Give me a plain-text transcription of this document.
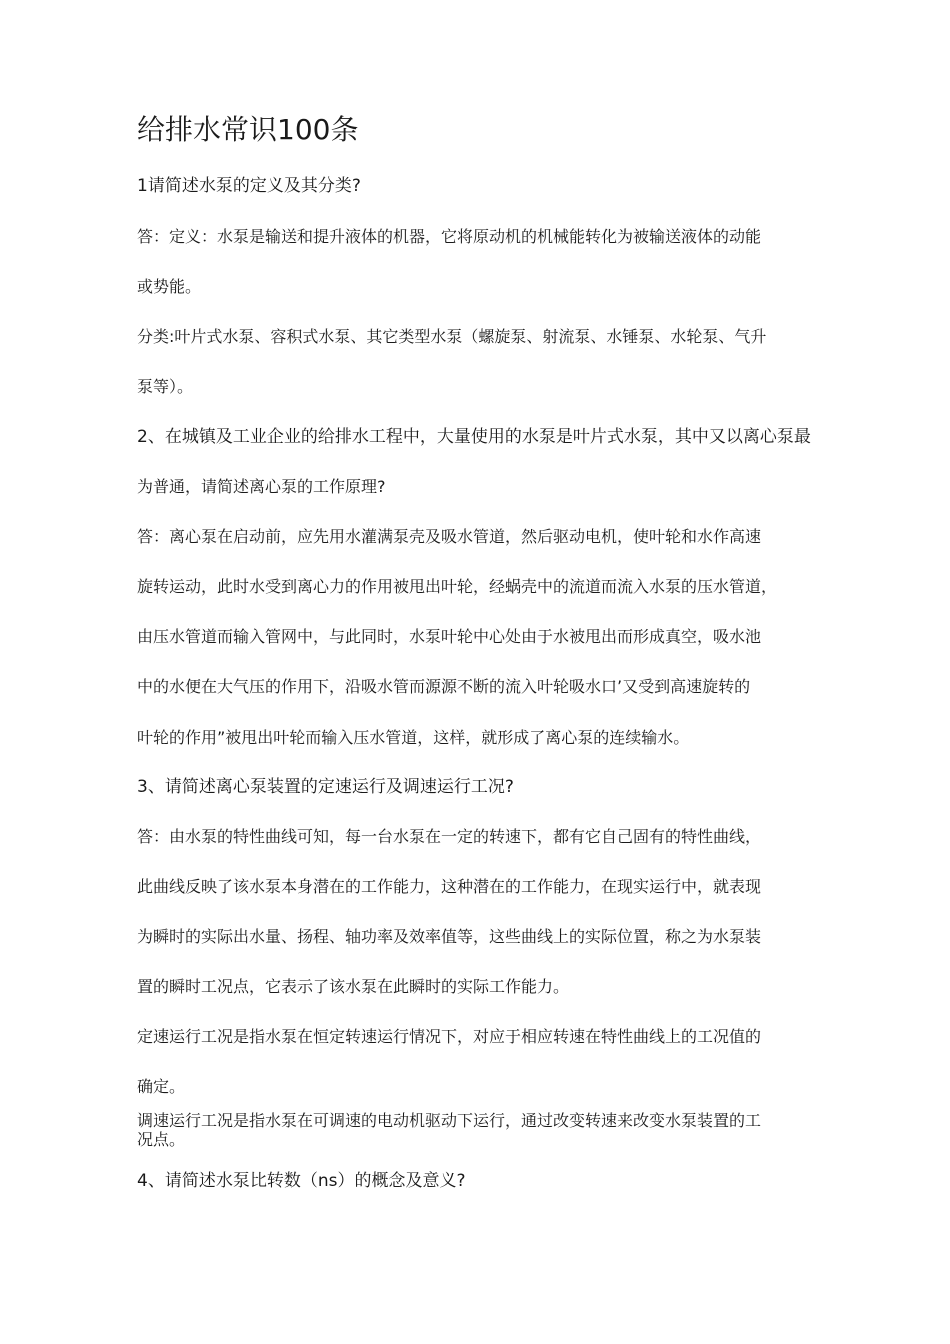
给排水常识100条
1请简述水泵的定义及其分类?
答：定义：水泵是输送和提升液体的机器，它将原动机的机械能转化为被输送液体的动能
或势能。
分类:叶片式水泵、容积式水泵、其它类型水泵（螺旋泵、射流泵、水锤泵、水轮泵、气升
泵等）。
2、在城镇及工业企业的给排水工程中，大量使用的水泵是叶片式水泵，其中又以离心泵最
为普通，请简述离心泵的工作原理?
答：离心泵在启动前，应先用水灌满泵壳及吸水管道，然后驱动电机，使叶轮和水作高速
旋转运动，此时水受到离心力的作用被甩出叶轮，经蜗壳中的流道而流入水泵的压水管道，
由压水管道而输入管网中，与此同时，水泵叶轮中心处由于水被甩出而形成真空，吸水池
中的水便在大气压的作用下，沿吸水管而源源不断的流入叶轮吸水口’又受到高速旋转的
叶轮的作用”被甩出叶轮而输入压水管道，这样，就形成了离心泵的连续输水。
3、请简述离心泵装置的定速运行及调速运行工况?
答：由水泵的特性曲线可知，每一台水泵在一定的转速下，都有它自己固有的特性曲线，
此曲线反映了该水泵本身潜在的工作能力，这种潜在的工作能力，在现实运行中，就表现
为瞬时的实际出水量、扬程、轴功率及效率值等，这些曲线上的实际位置，称之为水泵装
置的瞬时工况点，它表示了该水泵在此瞬时的实际工作能力。
定速运行工况是指水泵在恒定转速运行情况下，对应于相应转速在特性曲线上的工况值的
确定。
调速运行工况是指水泵在可调速的电动机驱动下运行，通过改变转速来改变水泵装置的工
况点。
4、请简述水泵比转数（ns）的概念及意义?
